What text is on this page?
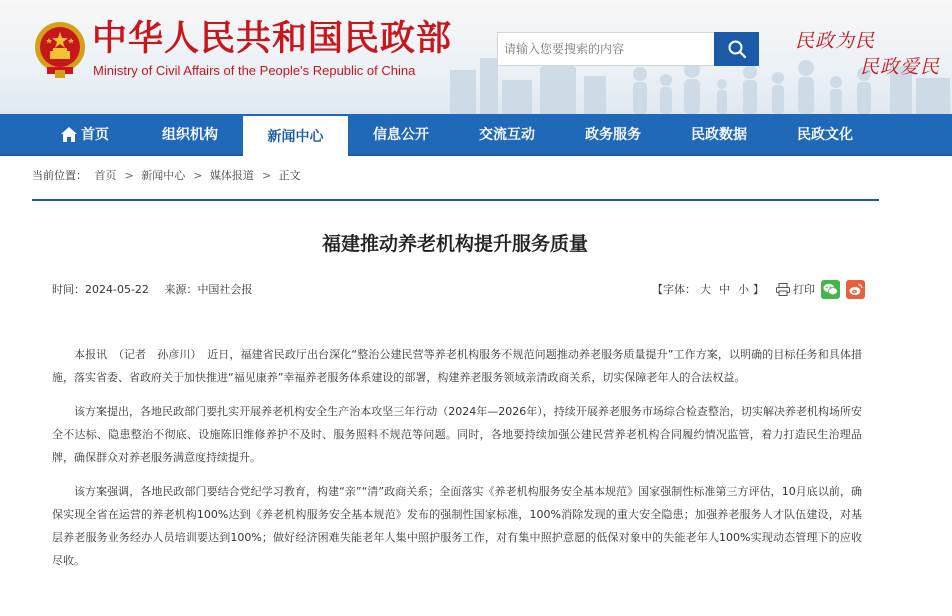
中华人民共和国民政部
Ministry of Civil Affairs of the People's Republic of China
请输入您要搜索的内容
民政为民
民政爱民
首页	组织机构	新闻中心	信息公开	交流互动	政务服务	民政数据	民政文化
当前位置： 首页 > 新闻中心 > 媒体报道 > 正文
福建推动养老机构提升服务质量
时间：2024-05-22 来源：中国社会报	【字体： 大 中 小 】	打印

本报讯　（记者　孙彦川）　近日，福建省民政厅出台深化“整治公建民营等养老机构服务不规范问题推动养老服务质量提升”工作方案，以明确的目标任务和具体措施，落实省委、省政府关于加快推进“福见康养”幸福养老服务体系建设的部署，构建养老服务领域亲清政商关系，切实保障老年人的合法权益。

该方案提出，各地民政部门要扎实开展养老机构安全生产治本攻坚三年行动（2024年—2026年），持续开展养老服务市场综合检查整治，切实解决养老机构场所安全不达标、隐患整治不彻底、设施陈旧维修养护不及时、服务照料不规范等问题。同时，各地要持续加强公建民营养老机构合同履约情况监管，着力打造民生治理品牌，确保群众对养老服务满意度持续提升。

该方案强调，各地民政部门要结合党纪学习教育，构建“亲”“清”政商关系；全面落实《养老机构服务安全基本规范》国家强制性标准第三方评估，10月底以前，确保实现全省在运营的养老机构100%达到《养老机构服务安全基本规范》发布的强制性国家标准，100%消除发现的重大安全隐患；加强养老服务人才队伍建设，对基层养老服务业务经办人员培训要达到100%；做好经济困难失能老年人集中照护服务工作，对有集中照护意愿的低保对象中的失能老年人100%实现动态管理下的应收尽收。
